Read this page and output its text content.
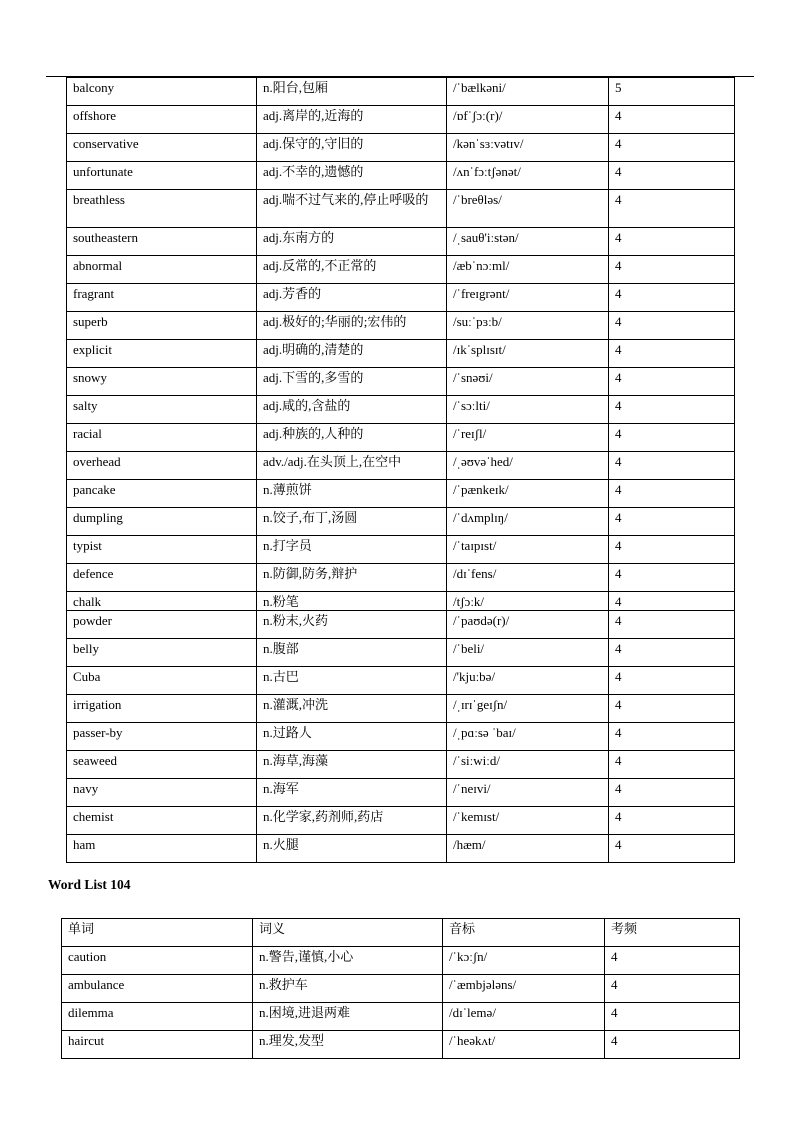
balcony	n.阳台,包厢	/ˈbælkəni/	5
offshore	adj.离岸的,近海的	/ɒfˈʃɔː(r)/	4
conservative	adj.保守的,守旧的	/kənˈsɜːvətɪv/	4
unfortunate	adj.不幸的,遗憾的	/ʌnˈfɔːtʃənət/	4
breathless	adj.喘不过气来的,停止呼吸的	/ˈbreθləs/	4
southeastern	adj.东南方的	/ˌsauθ'iːstən/	4
abnormal	adj.反常的,不正常的	/æbˈnɔːml/	4
fragrant	adj.芳香的	/ˈfreɪgrənt/	4
superb	adj.极好的;华丽的;宏伟的	/suːˈpɜːb/	4
explicit	adj.明确的,清楚的	/ɪkˈsplɪsɪt/	4
snowy	adj.下雪的,多雪的	/ˈsnəʊi/	4
salty	adj.咸的,含盐的	/ˈsɔːlti/	4
racial	adj.种族的,人种的	/ˈreɪʃl/	4
overhead	adv./adj.在头顶上,在空中	/ˌəʊvəˈhed/	4
pancake	n.薄煎饼	/ˈpænkeɪk/	4
dumpling	n.饺子,布丁,汤圆	/ˈdʌmplɪŋ/	4
typist	n.打字员	/ˈtaɪpɪst/	4
defence	n.防御,防务,辩护	/dɪˈfens/	4
chalk	n.粉笔	/tʃɔːk/	4
powder	n.粉末,火药	/ˈpaʊdə(r)/	4
belly	n.腹部	/ˈbeli/	4
Cuba	n.古巴	/'kjuːbə/	4
irrigation	n.灌溉,冲洗	/ˌɪrɪˈgeɪʃn/	4
passer-by	n.过路人	/ˌpɑːsə ˈbaɪ/	4
seaweed	n.海草,海藻	/ˈsiːwiːd/	4
navy	n.海军	/ˈneɪvi/	4
chemist	n.化学家,药剂师,药店	/ˈkemɪst/	4
ham	n.火腿	/hæm/	4
Word List 104
单词	词义	音标	考频
caution	n.警告,谨慎,小心	/ˈkɔːʃn/	4
ambulance	n.救护车	/ˈæmbjələns/	4
dilemma	n.困境,进退两难	/dɪˈlemə/	4
haircut	n.理发,发型	/ˈheəkʌt/	4
